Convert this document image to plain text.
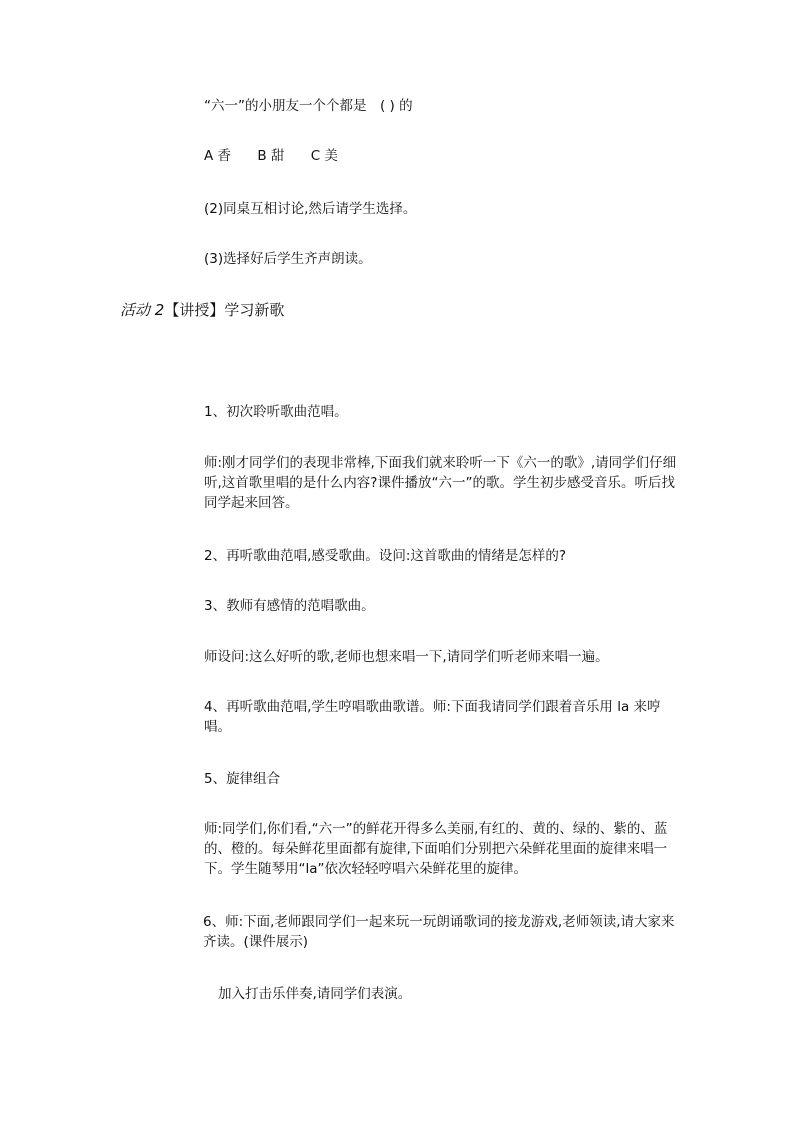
“六一”的小朋友一个个都是　( ) 的
A 香 B 甜 C 美
(2)同桌互相讨论,然后请学生选择。
(3)选择好后学生齐声朗读。
活动 2【讲授】学习新歌
1、初次聆听歌曲范唱。
师:刚才同学们的表现非常棒,下面我们就来聆听一下《六一的歌》,请同学们仔细听,这首歌里唱的是什么内容?课件播放“六一”的歌。学生初步感受音乐。听后找同学起来回答。
2、再听歌曲范唱,感受歌曲。设问:这首歌曲的情绪是怎样的?
3、教师有感情的范唱歌曲。
师设问:这么好听的歌,老师也想来唱一下,请同学们听老师来唱一遍。
4、再听歌曲范唱,学生哼唱歌曲歌谱。师:下面我请同学们跟着音乐用 la 来哼唱。
5、旋律组合
师:同学们,你们看,“六一”的鲜花开得多么美丽,有红的、黄的、绿的、紫的、蓝的、橙的。每朵鲜花里面都有旋律,下面咱们分别把六朵鲜花里面的旋律来唱一下。学生随琴用“la”依次轻轻哼唱六朵鲜花里的旋律。
6、师:下面,老师跟同学们一起来玩一玩朗诵歌词的接龙游戏,老师领读,请大家来齐读。(课件展示)
加入打击乐伴奏,请同学们表演。
